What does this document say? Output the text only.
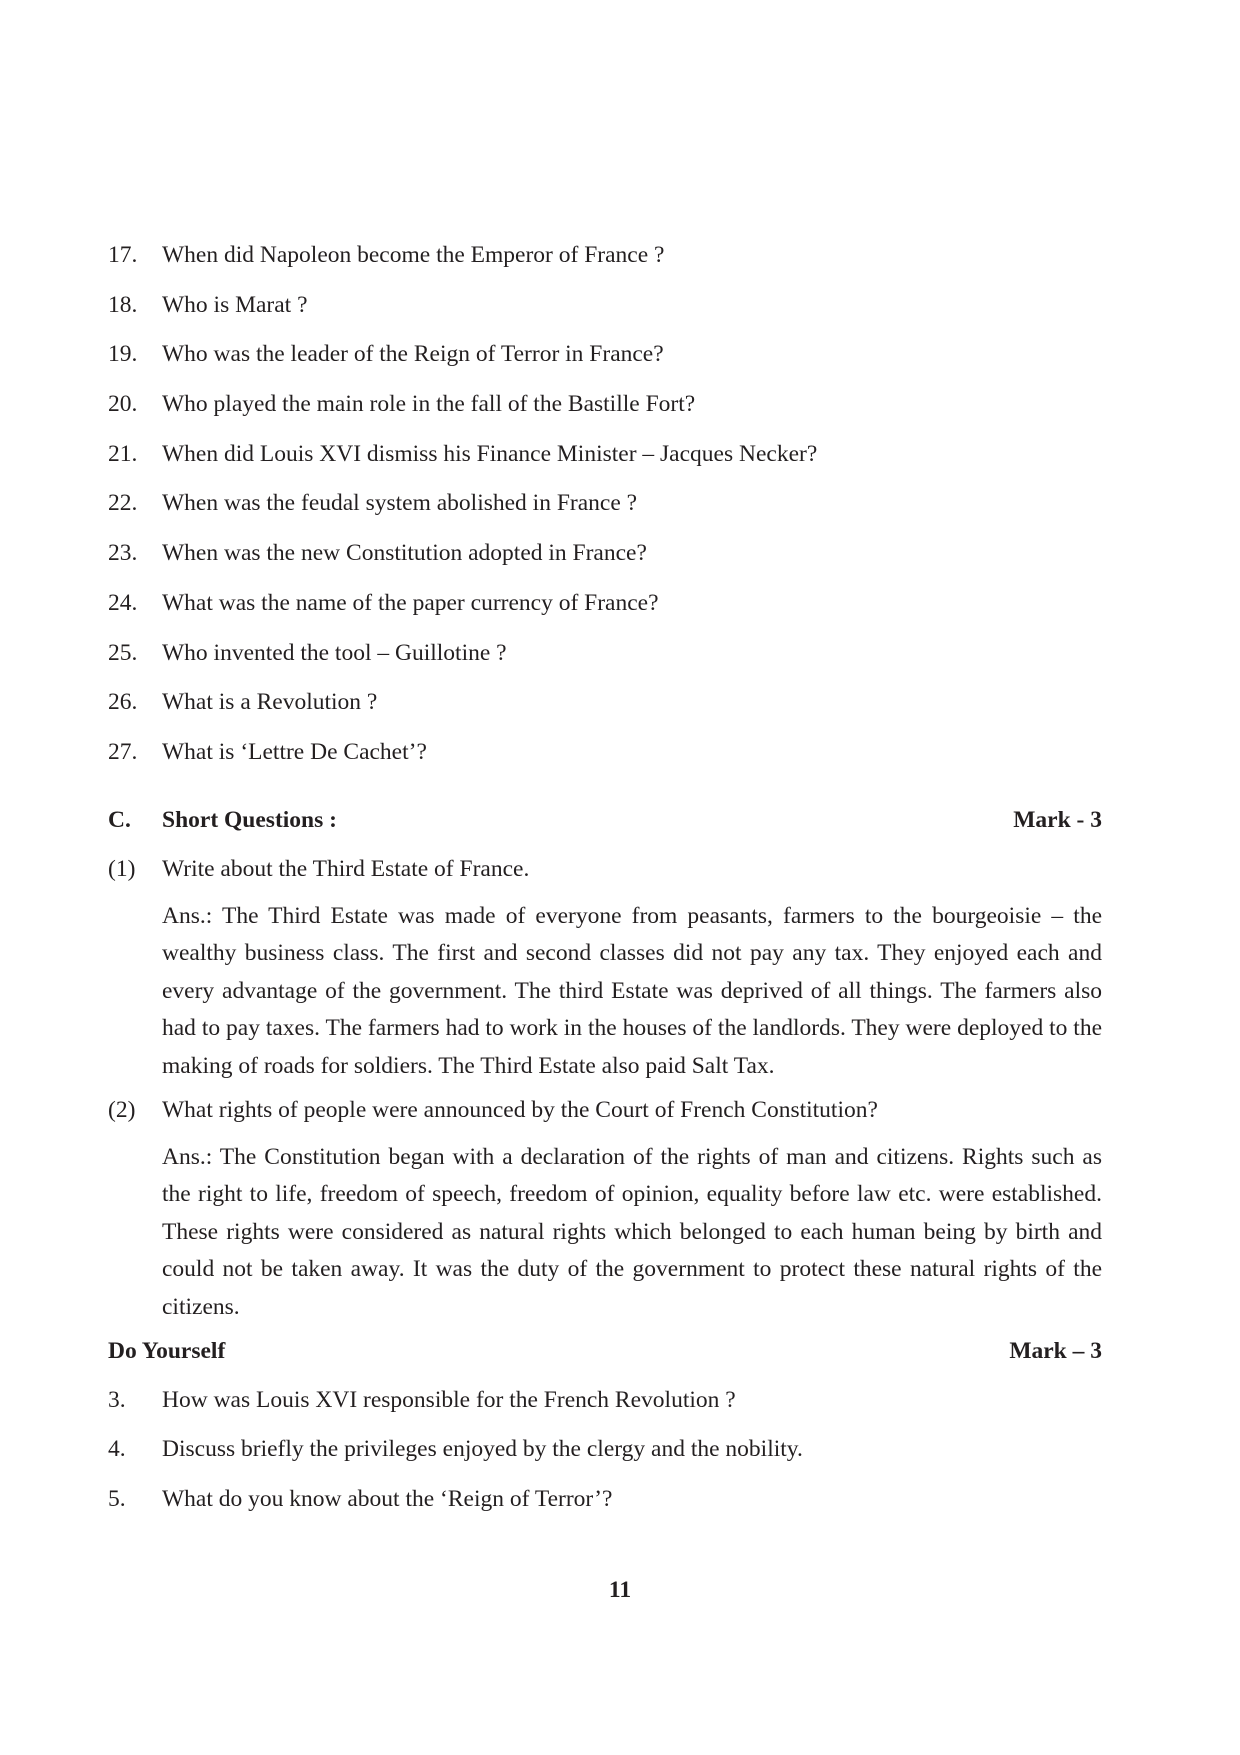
17.	When did Napoleon become the Emperor of France ?
18.	Who is Marat ?
19.	Who was the leader of the Reign of Terror in France?
20.	Who played the main role in the fall of the Bastille Fort?
21.	When did Louis XVI dismiss his Finance Minister – Jacques Necker?
22.	When was the feudal system abolished in France ?
23.	When was the new Constitution adopted in France?
24.	What was the name of the paper currency of France?
25.	Who invented the tool – Guillotine ?
26.	What is a Revolution ?
27.	What is ‘Lettre De Cachet’?
C.	Short Questions :	Mark - 3
(1)	Write about the Third Estate of France.
Ans.: The Third Estate was made of everyone from peasants, farmers to the bourgeoisie – the wealthy business class. The first and second classes did not pay any tax. They enjoyed each and every advantage of the government. The third Estate was deprived of all things. The farmers also had to pay taxes. The farmers had to work in the houses of the landlords. They were deployed to the making of roads for soldiers. The Third Estate also paid Salt Tax.
(2)	What rights of people were announced by the Court of French Constitution?
Ans.: The Constitution began with a declaration of the rights of man and citizens. Rights such as the right to life, freedom of speech, freedom of opinion, equality before law etc. were established. These rights were considered as natural rights which belonged to each human being by birth and could not be taken away. It was the duty of the government to protect these natural rights of the citizens.
Do Yourself	Mark – 3
3.	How was Louis XVI responsible for the French Revolution ?
4.	Discuss briefly the privileges enjoyed by the clergy and the nobility.
5.	What do you know about the ‘Reign of Terror’?
11
